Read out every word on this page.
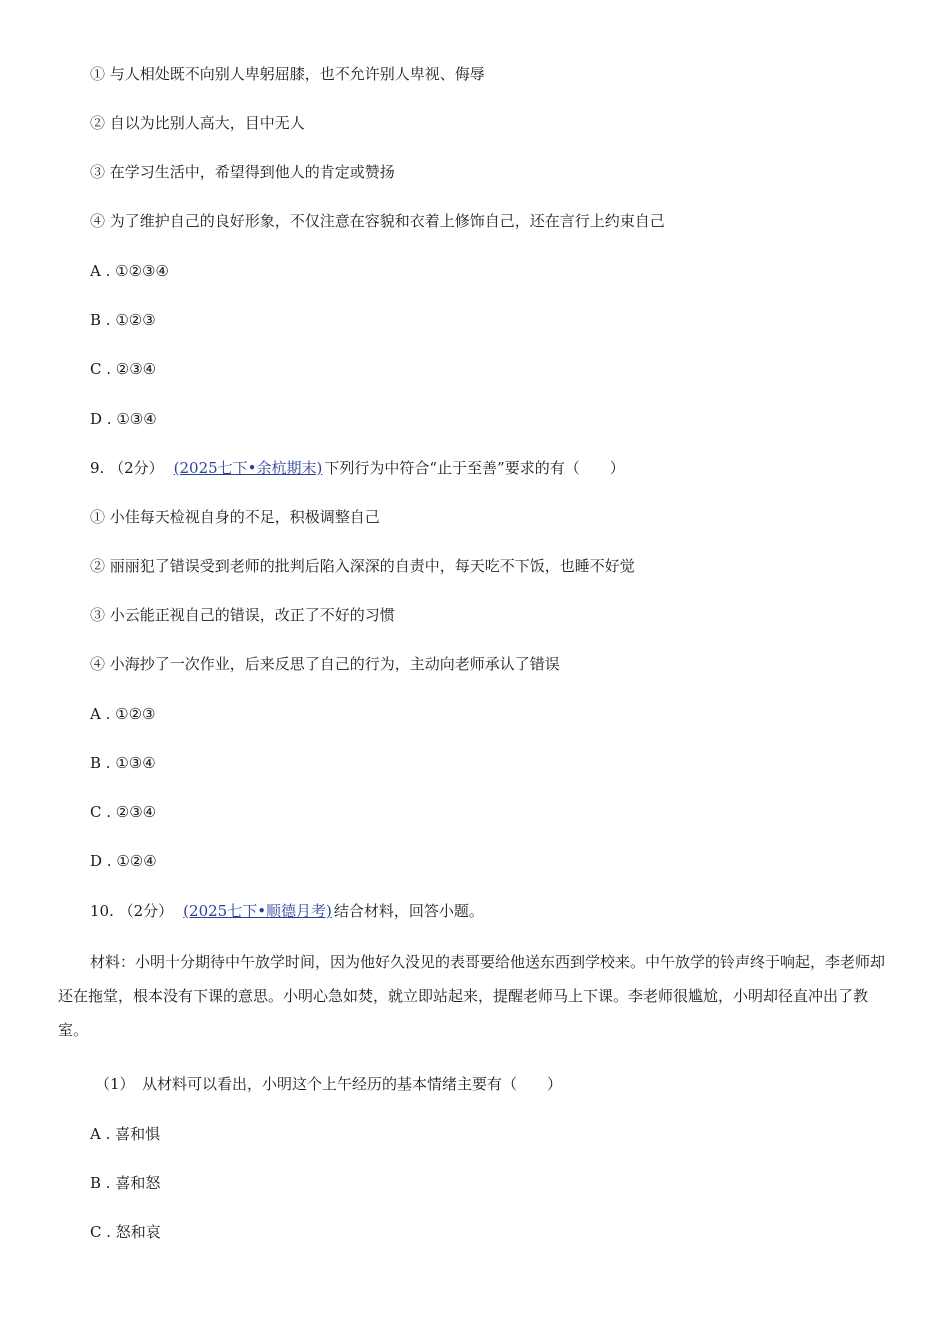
① 与人相处既不向别人卑躬屈膝，也不允许别人卑视、侮辱
② 自以为比别人高大，目中无人
③ 在学习生活中，希望得到他人的肯定或赞扬
④ 为了维护自己的良好形象，不仅注意在容貌和衣着上修饰自己，还在言行上约束自己
A . ①②③④
B . ①②③
C . ②③④
D . ①③④
9. （2分） (2025七下•余杭期末) 下列行为中符合“止于至善”要求的有（　　）
① 小佳每天检视自身的不足，积极调整自己
② 丽丽犯了错误受到老师的批判后陷入深深的自责中，每天吃不下饭，也睡不好觉
③ 小云能正视自己的错误，改正了不好的习惯
④ 小海抄了一次作业，后来反思了自己的行为，主动向老师承认了错误
A . ①②③
B . ①③④
C . ②③④
D . ①②④
10. （2分） (2025七下•顺德月考) 结合材料，回答小题。
材料：小明十分期待中午放学时间，因为他好久没见的表哥要给他送东西到学校来。中午放学的铃声终于响起，李老师却还在拖堂，根本没有下课的意思。小明心急如焚，就立即站起来，提醒老师马上下课。李老师很尴尬，小明却径直冲出了教室。
（1）　从材料可以看出，小明这个上午经历的基本情绪主要有（　　）
A . 喜和惧
B . 喜和怒
C . 怒和哀
